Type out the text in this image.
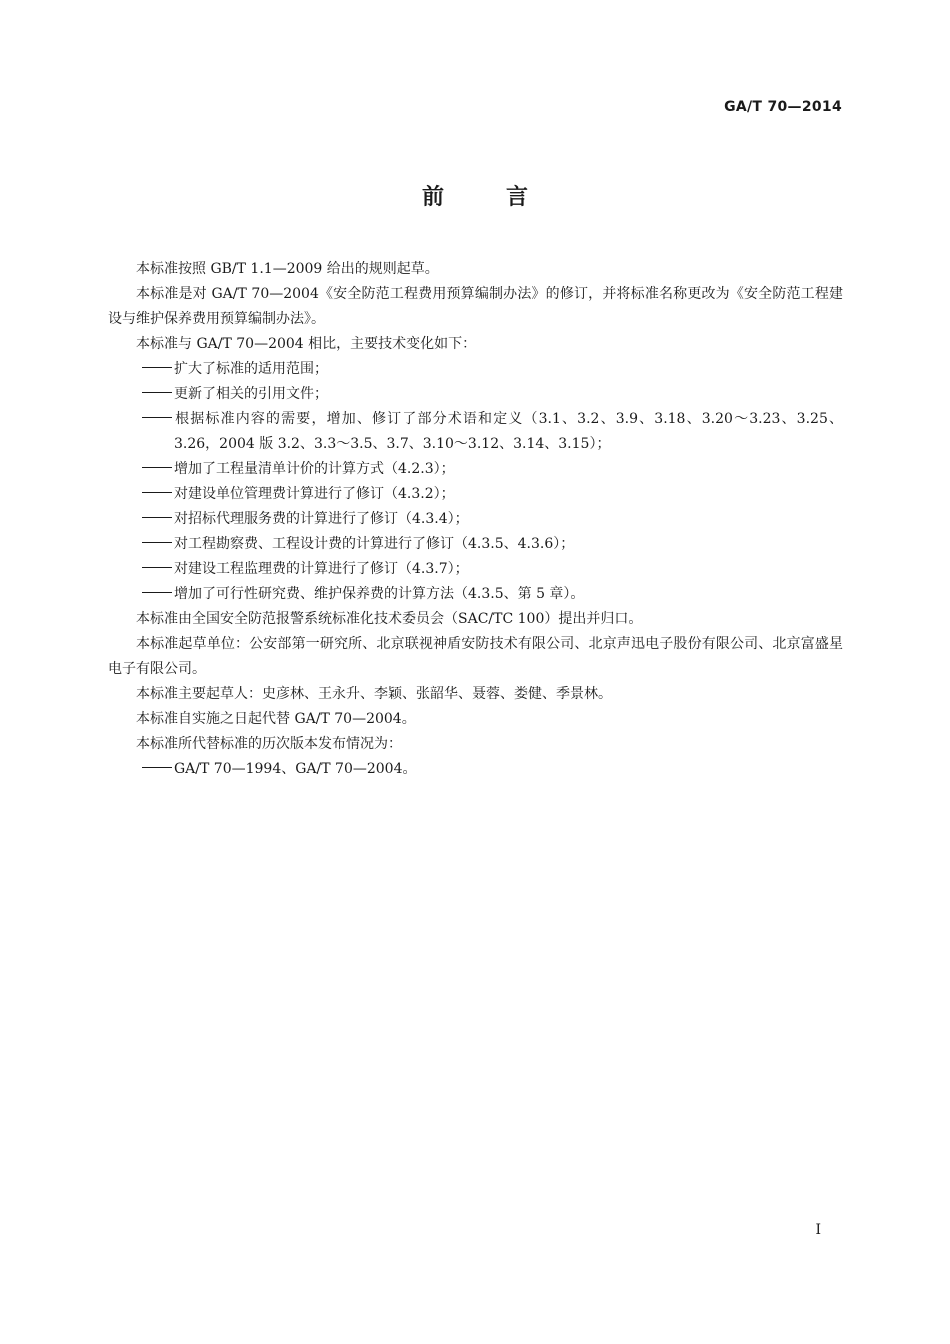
GA/T 70—2014
前	言

本标准按照 GB/T 1.1—2009 给出的规则起草。

本标准是对 GA/T 70—2004《安全防范工程费用预算编制办法》的修订，并将标准名称更改为《安全防范工程建设与维护保养费用预算编制办法》。

本标准与 GA/T 70—2004 相比，主要技术变化如下：

扩大了标准的适用范围；
更新了相关的引用文件；
根据标准内容的需要，增加、修订了部分术语和定义（3.1、3.2、3.9、3.18、3.20～3.23、3.25、3.26，2004 版 3.2、3.3～3.5、3.7、3.10～3.12、3.14、3.15）；
增加了工程量清单计价的计算方式（4.2.3）；
对建设单位管理费计算进行了修订（4.3.2）；
对招标代理服务费的计算进行了修订（4.3.4）；
对工程勘察费、工程设计费的计算进行了修订（4.3.5、4.3.6）；
对建设工程监理费的计算进行了修订（4.3.7）；
增加了可行性研究费、维护保养费的计算方法（4.3.5、第 5 章）。

本标准由全国安全防范报警系统标准化技术委员会（SAC/TC 100）提出并归口。

本标准起草单位：公安部第一研究所、北京联视神盾安防技术有限公司、北京声迅电子股份有限公司、北京富盛星电子有限公司。

本标准主要起草人：史彦林、王永升、李颖、张韶华、聂蓉、娄健、季景林。

本标准自实施之日起代替 GA/T 70—2004。

本标准所代替标准的历次版本发布情况为：

GA/T 70—1994、GA/T 70—2004。
I
